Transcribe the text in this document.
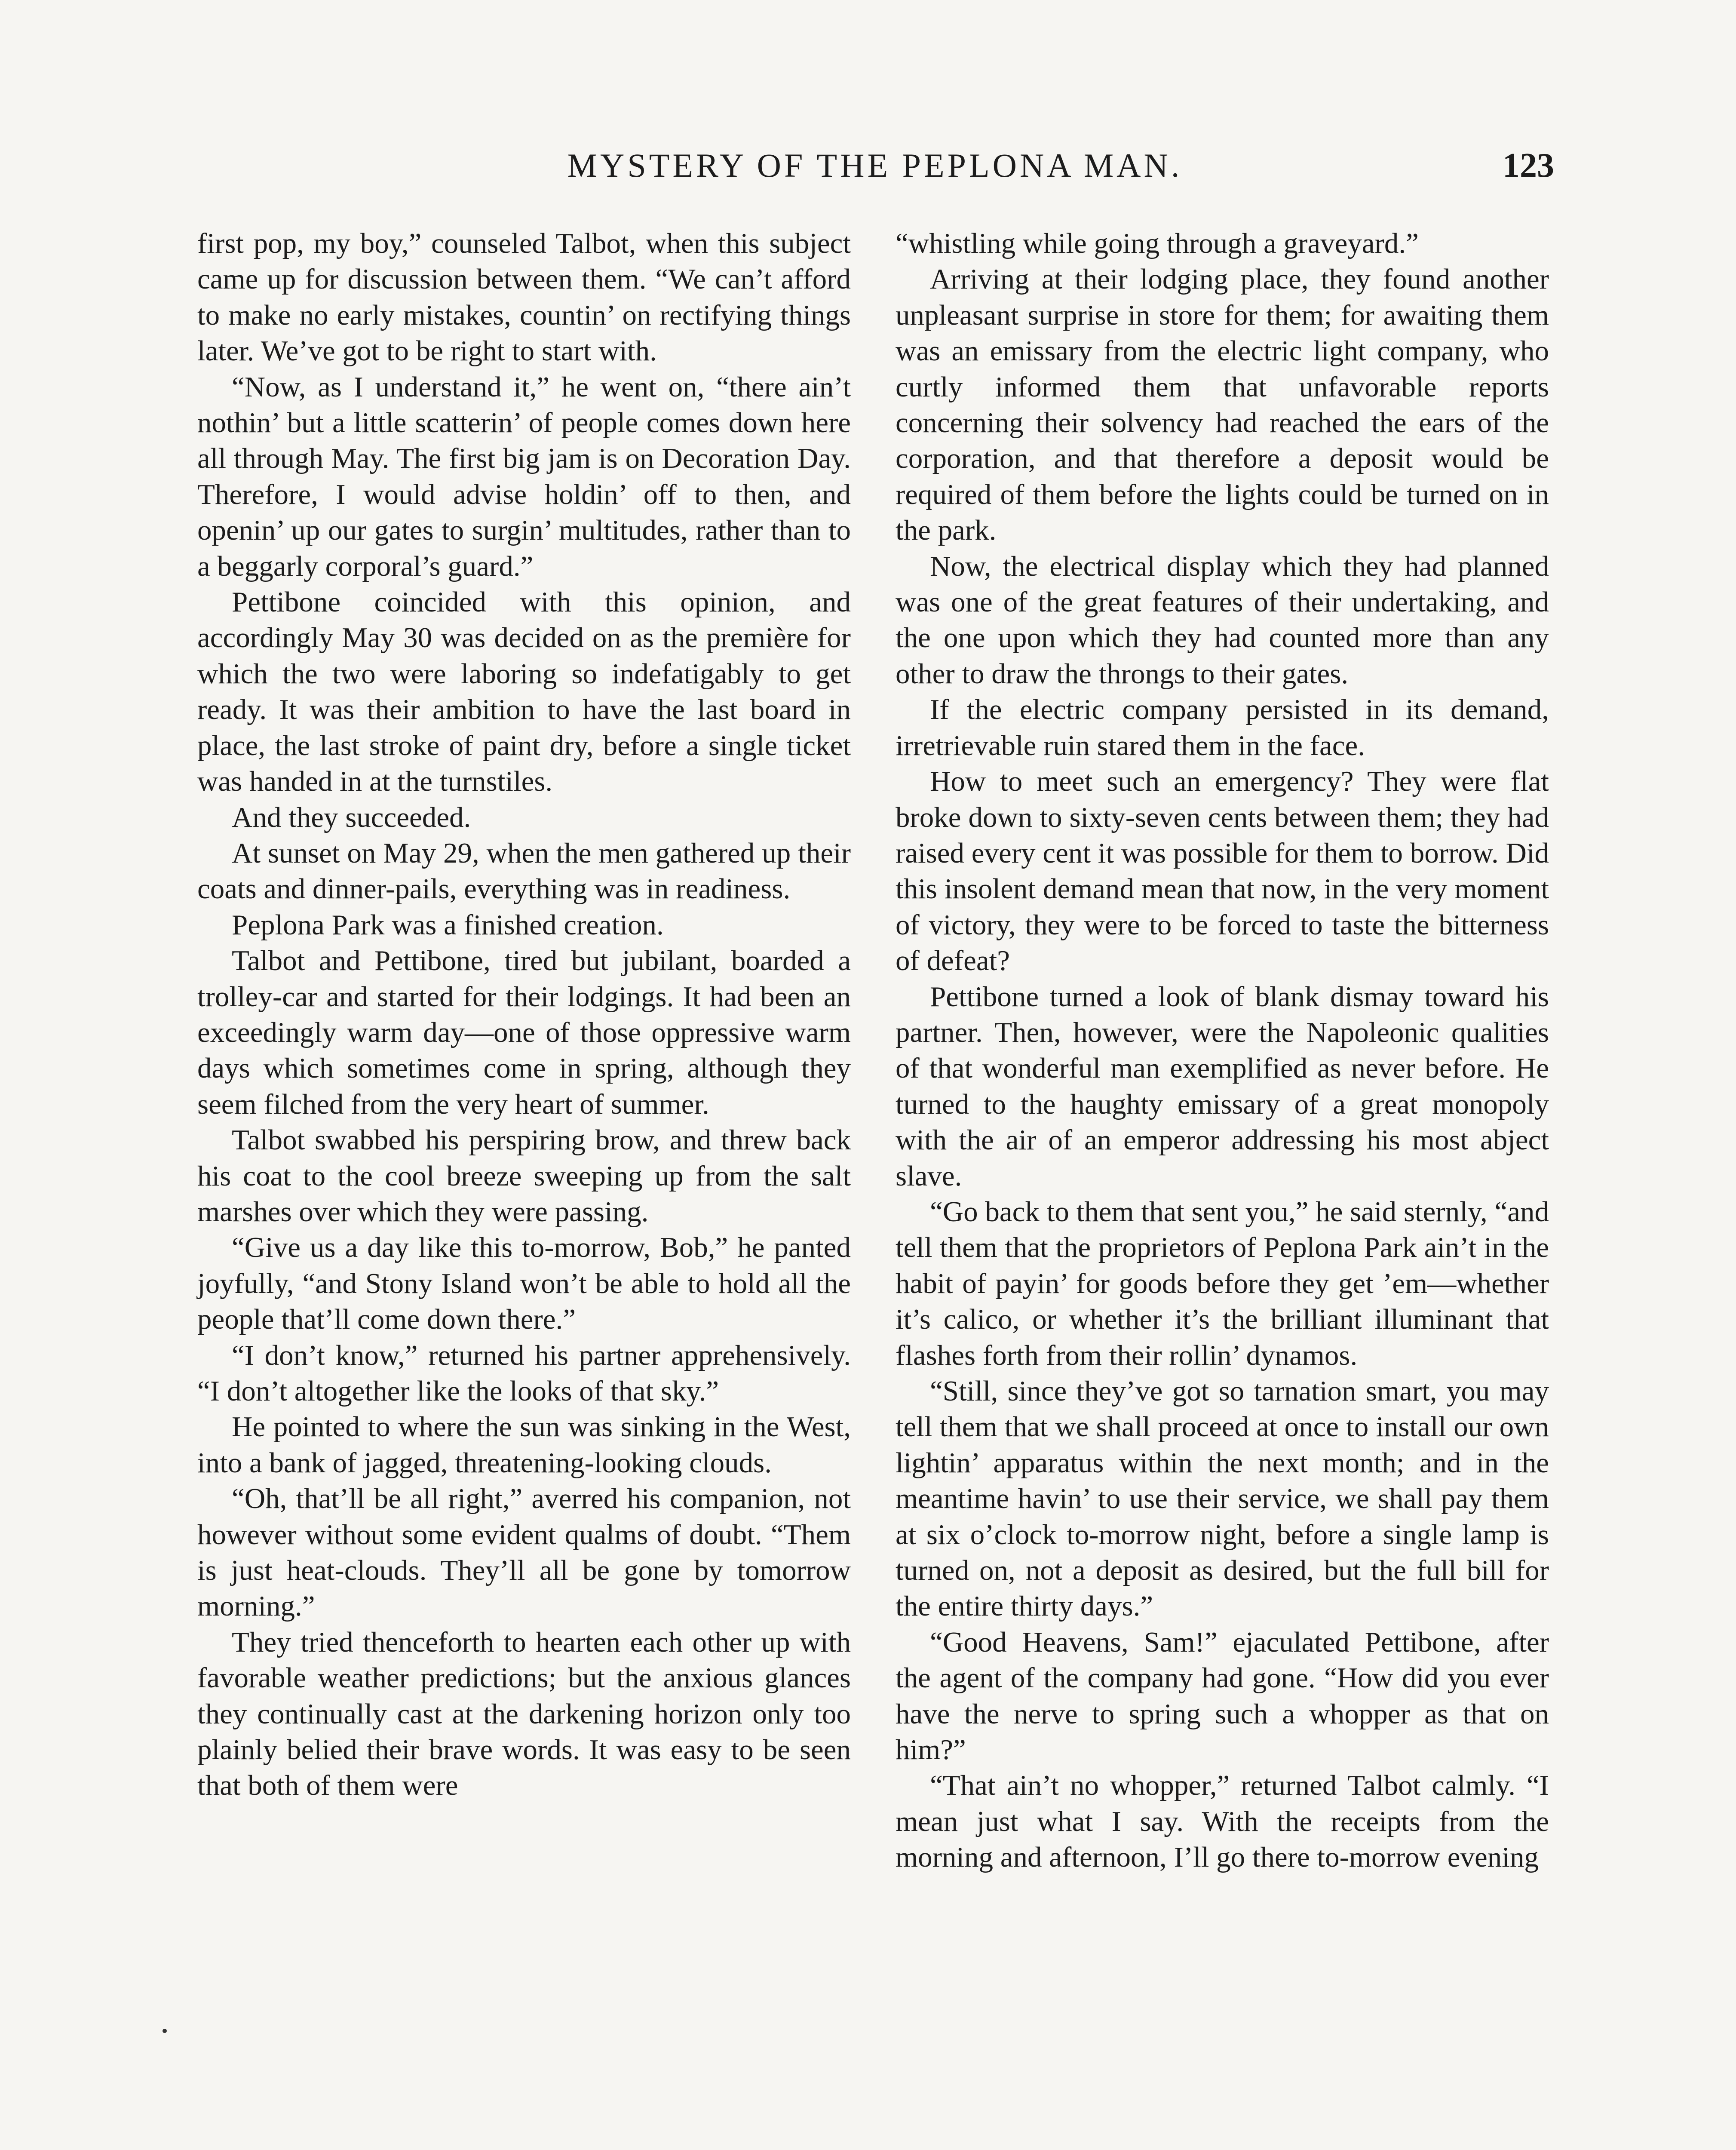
MYSTERY OF THE PEPLONA MAN.	123

first pop, my boy,” counseled Talbot, when this subject came up for discussion between them. “We can’t afford to make no early mistakes, countin’ on rectifying things later. We’ve got to be right to start with.

“Now, as I understand it,” he went on, “there ain’t nothin’ but a little scatterin’ of people comes down here all through May. The first big jam is on Decoration Day. Therefore, I would advise holdin’ off to then, and openin’ up our gates to surgin’ multitudes, rather than to a beggarly corporal’s guard.”

Pettibone coincided with this opinion, and accordingly May 30 was decided on as the première for which the two were laboring so indefatigably to get ready. It was their ambition to have the last board in place, the last stroke of paint dry, before a single ticket was handed in at the turnstiles.

And they succeeded.

At sunset on May 29, when the men gathered up their coats and dinner-pails, everything was in readiness.

Peplona Park was a finished creation.

Talbot and Pettibone, tired but jubilant, boarded a trolley-car and started for their lodgings. It had been an exceedingly warm day—one of those oppressive warm days which sometimes come in spring, although they seem filched from the very heart of summer.

Talbot swabbed his perspiring brow, and threw back his coat to the cool breeze sweeping up from the salt marshes over which they were passing.

“Give us a day like this to-morrow, Bob,” he panted joyfully, “and Stony Island won’t be able to hold all the people that’ll come down there.”

“I don’t know,” returned his partner apprehensively. “I don’t altogether like the looks of that sky.”

He pointed to where the sun was sinking in the West, into a bank of jagged, threatening-looking clouds.

“Oh, that’ll be all right,” averred his companion, not however without some evident qualms of doubt. “Them is just heat-clouds. They’ll all be gone by tomorrow morning.”

They tried thenceforth to hearten each other up with favorable weather predictions; but the anxious glances they continually cast at the darkening horizon only too plainly belied their brave words. It was easy to be seen that both of them were

“whistling while going through a graveyard.”

Arriving at their lodging place, they found another unpleasant surprise in store for them; for awaiting them was an emissary from the electric light company, who curtly informed them that unfavorable reports concerning their solvency had reached the ears of the corporation, and that therefore a deposit would be required of them before the lights could be turned on in the park.

Now, the electrical display which they had planned was one of the great features of their undertaking, and the one upon which they had counted more than any other to draw the throngs to their gates.

If the electric company persisted in its demand, irretrievable ruin stared them in the face.

How to meet such an emergency? They were flat broke down to sixty-seven cents between them; they had raised every cent it was possible for them to borrow. Did this insolent demand mean that now, in the very moment of victory, they were to be forced to taste the bitterness of defeat?

Pettibone turned a look of blank dismay toward his partner. Then, however, were the Napoleonic qualities of that wonderful man exemplified as never before. He turned to the haughty emissary of a great monopoly with the air of an emperor addressing his most abject slave.

“Go back to them that sent you,” he said sternly, “and tell them that the proprietors of Peplona Park ain’t in the habit of payin’ for goods before they get ’em—whether it’s calico, or whether it’s the brilliant illuminant that flashes forth from their rollin’ dynamos.

“Still, since they’ve got so tarnation smart, you may tell them that we shall proceed at once to install our own lightin’ apparatus within the next month; and in the meantime havin’ to use their service, we shall pay them at six o’clock to-morrow night, before a single lamp is turned on, not a deposit as desired, but the full bill for the entire thirty days.”

“Good Heavens, Sam!” ejaculated Pettibone, after the agent of the company had gone. “How did you ever have the nerve to spring such a whopper as that on him?”

“That ain’t no whopper,” returned Talbot calmly. “I mean just what I say. With the receipts from the morning and afternoon, I’ll go there to-morrow evening
